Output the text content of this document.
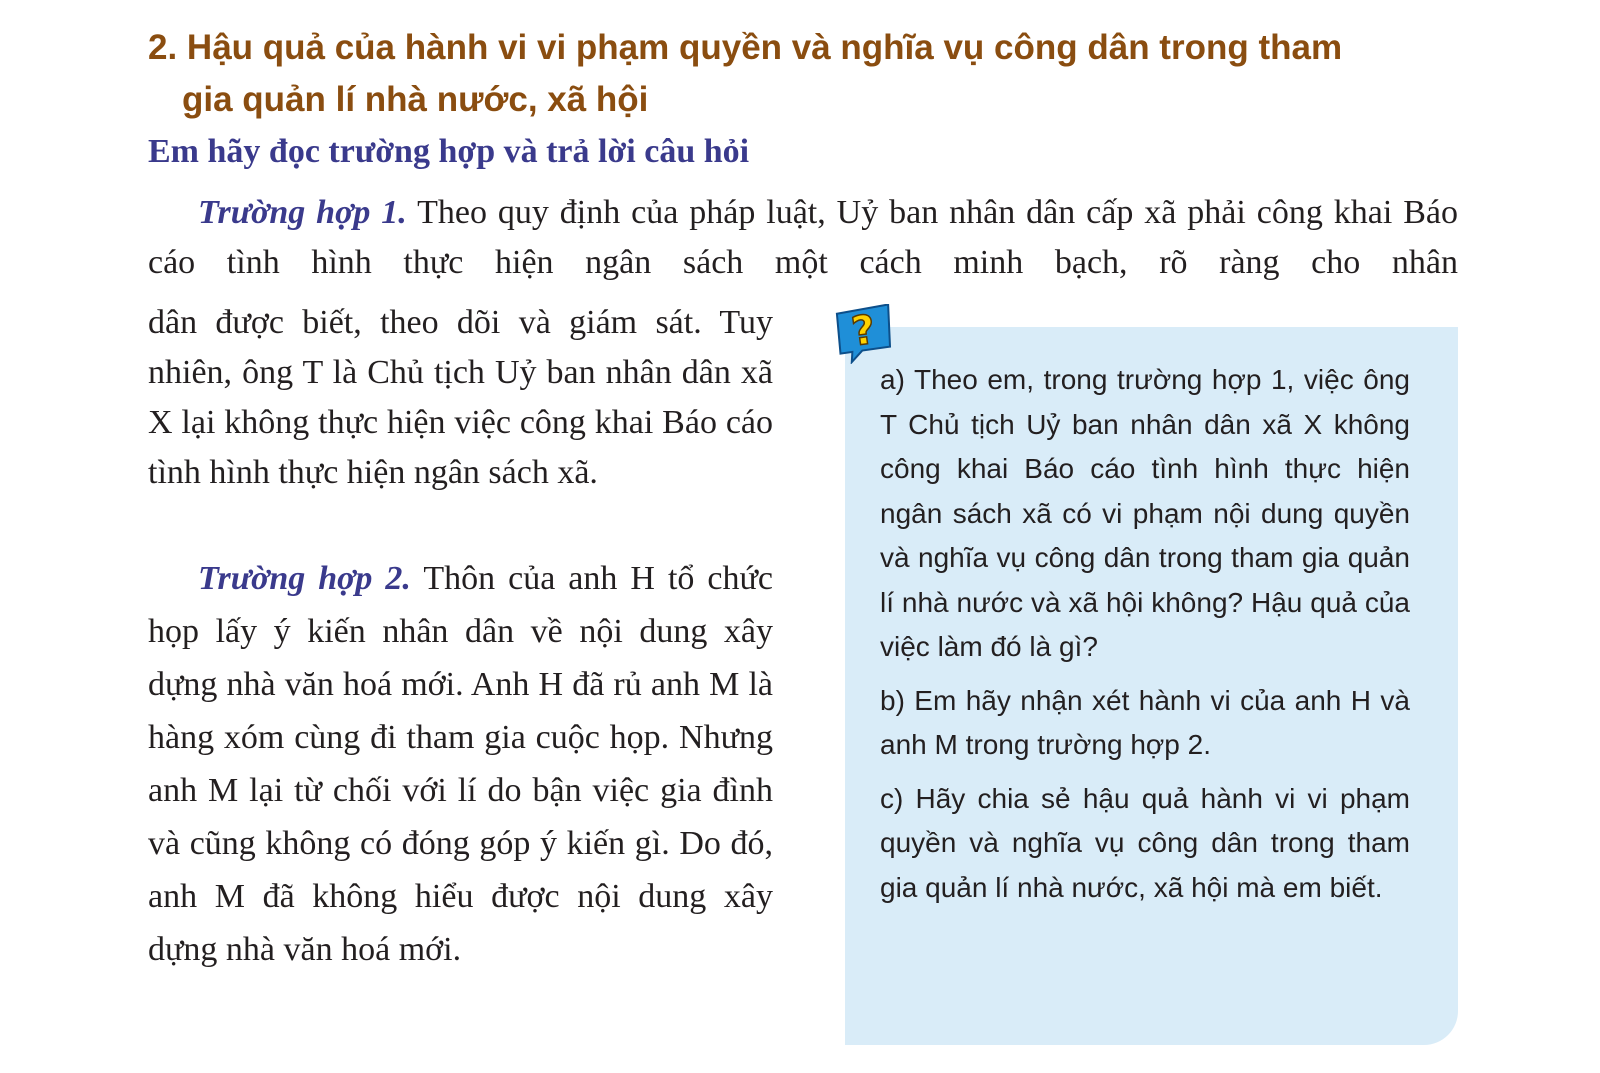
2. Hậu quả của hành vi vi phạm quyền và nghĩa vụ công dân trong tham
gia quản lí nhà nước, xã hội
Em hãy đọc trường hợp và trả lời câu hỏi
Trường hợp 1. Theo quy định của pháp luật, Uỷ ban nhân dân cấp xã phải công khai Báo cáo tình hình thực hiện ngân sách một cách minh bạch, rõ ràng cho nhân
dân được biết, theo dõi và giám sát. Tuy nhiên, ông T là Chủ tịch Uỷ ban nhân dân xã X lại không thực hiện việc công khai Báo cáo tình hình thực hiện ngân sách xã.
Trường hợp 2. Thôn của anh H tổ chức họp lấy ý kiến nhân dân về nội dung xây dựng nhà văn hoá mới. Anh H đã rủ anh M là hàng xóm cùng đi tham gia cuộc họp. Nhưng anh M lại từ chối với lí do bận việc gia đình và cũng không có đóng góp ý kiến gì. Do đó, anh M đã không hiểu được nội dung xây dựng nhà văn hoá mới.
?

a) Theo em, trong trường hợp 1, việc ông T Chủ tịch Uỷ ban nhân dân xã X không công khai Báo cáo tình hình thực hiện ngân sách xã có vi phạm nội dung quyền và nghĩa vụ công dân trong tham gia quản lí nhà nước và xã hội không? Hậu quả của việc làm đó là gì?

b) Em hãy nhận xét hành vi của anh H và anh M trong trường hợp 2.

c) Hãy chia sẻ hậu quả hành vi vi phạm quyền và nghĩa vụ công dân trong tham gia quản lí nhà nước, xã hội mà em biết.
